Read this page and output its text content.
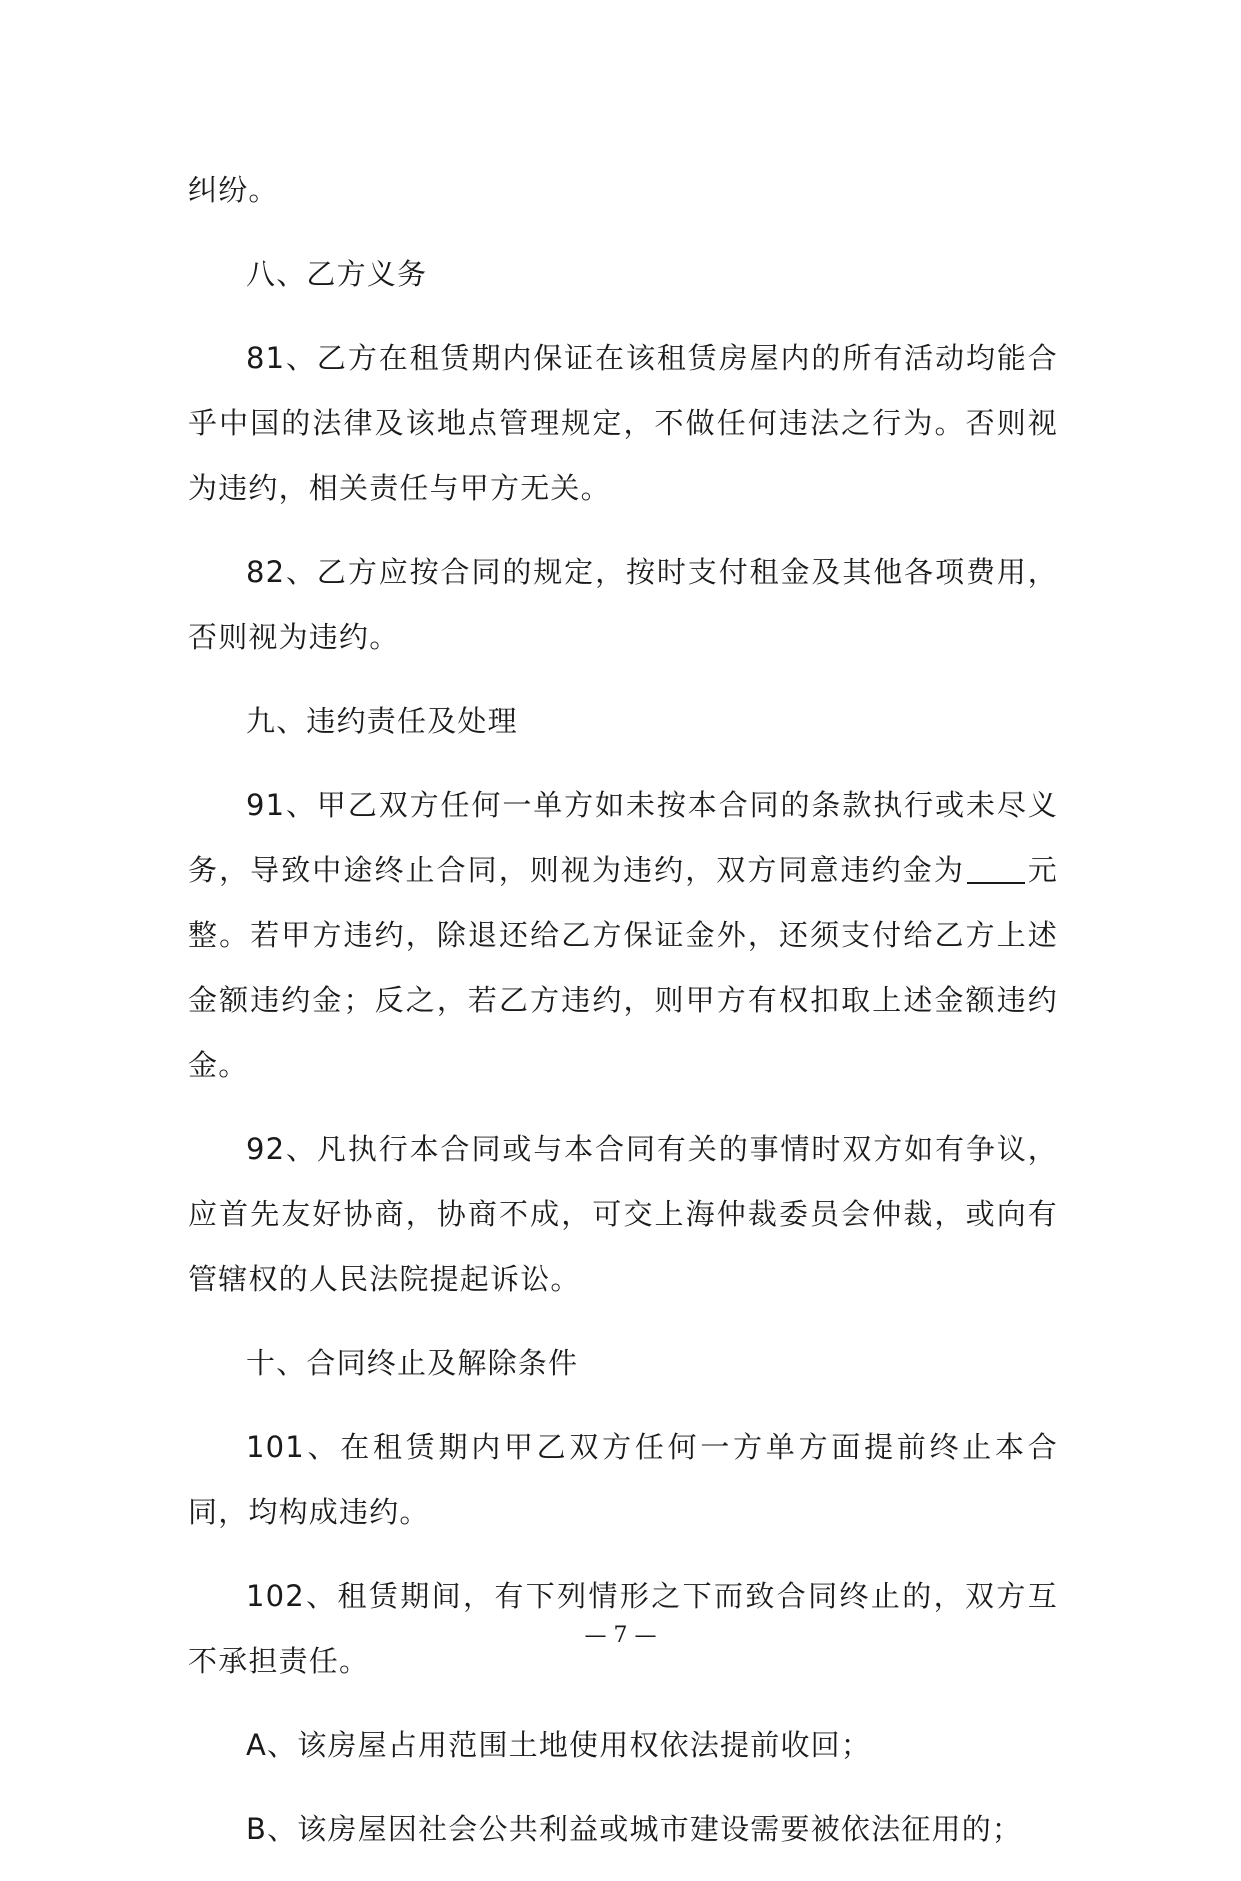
纠纷。

八、乙方义务

81、乙方在租赁期内保证在该租赁房屋内的所有活动均能合乎中国的法律及该地点管理规定，不做任何违法之行为。否则视为违约，相关责任与甲方无关。

82、乙方应按合同的规定，按时支付租金及其他各项费用，否则视为违约。

九、违约责任及处理

91、甲乙双方任何一单方如未按本合同的条款执行或未尽义务，导致中途终止合同，则视为违约，双方同意违约金为 元整。若甲方违约，除退还给乙方保证金外，还须支付给乙方上述金额违约金；反之，若乙方违约，则甲方有权扣取上述金额违约金。

92、凡执行本合同或与本合同有关的事情时双方如有争议，应首先友好协商，协商不成，可交上海仲裁委员会仲裁，或向有管辖权的人民法院提起诉讼。

十、合同终止及解除条件

101、在租赁期内甲乙双方任何一方单方面提前终止本合同，均构成违约。

102、租赁期间，有下列情形之下而致合同终止的，双方互不承担责任。

A、该房屋占用范围土地使用权依法提前收回；

B、该房屋因社会公共利益或城市建设需要被依法征用的；

— 7 —
